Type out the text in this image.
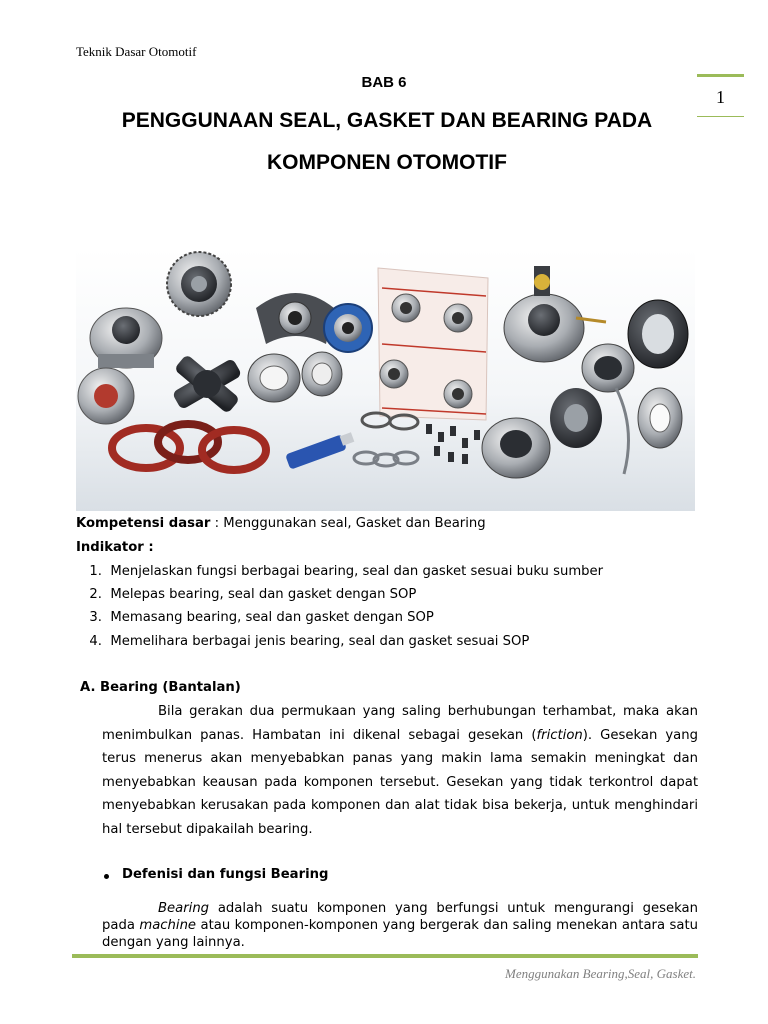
Teknik Dasar Otomotif
1
BAB 6
PENGGUNAAN SEAL, GASKET DAN BEARING PADA
KOMPONEN OTOMOTIF
Kompetensi dasar : Menggunakan seal, Gasket dan Bearing
Indikator :
1. Menjelaskan fungsi berbagai bearing, seal dan gasket sesuai buku sumber
2. Melepas bearing, seal dan gasket dengan SOP
3. Memasang bearing, seal dan gasket dengan SOP
4. Memelihara berbagai jenis bearing, seal dan gasket sesuai SOP
A. Bearing (Bantalan)
Bila gerakan dua permukaan yang saling berhubungan terhambat, maka akan menimbulkan panas. Hambatan ini dikenal sebagai gesekan (friction). Gesekan yang terus menerus akan menyebabkan panas yang makin lama semakin meningkat dan menyebabkan keausan pada komponen tersebut. Gesekan yang tidak terkontrol dapat menyebabkan kerusakan pada komponen dan alat tidak bisa bekerja, untuk menghindari hal tersebut dipakailah bearing.
Defenisi dan fungsi Bearing
Bearing adalah suatu komponen yang berfungsi untuk mengurangi gesekan pada machine atau komponen-komponen yang bergerak dan saling menekan antara satu dengan yang lainnya.
Menggunakan Bearing,Seal, Gasket.
